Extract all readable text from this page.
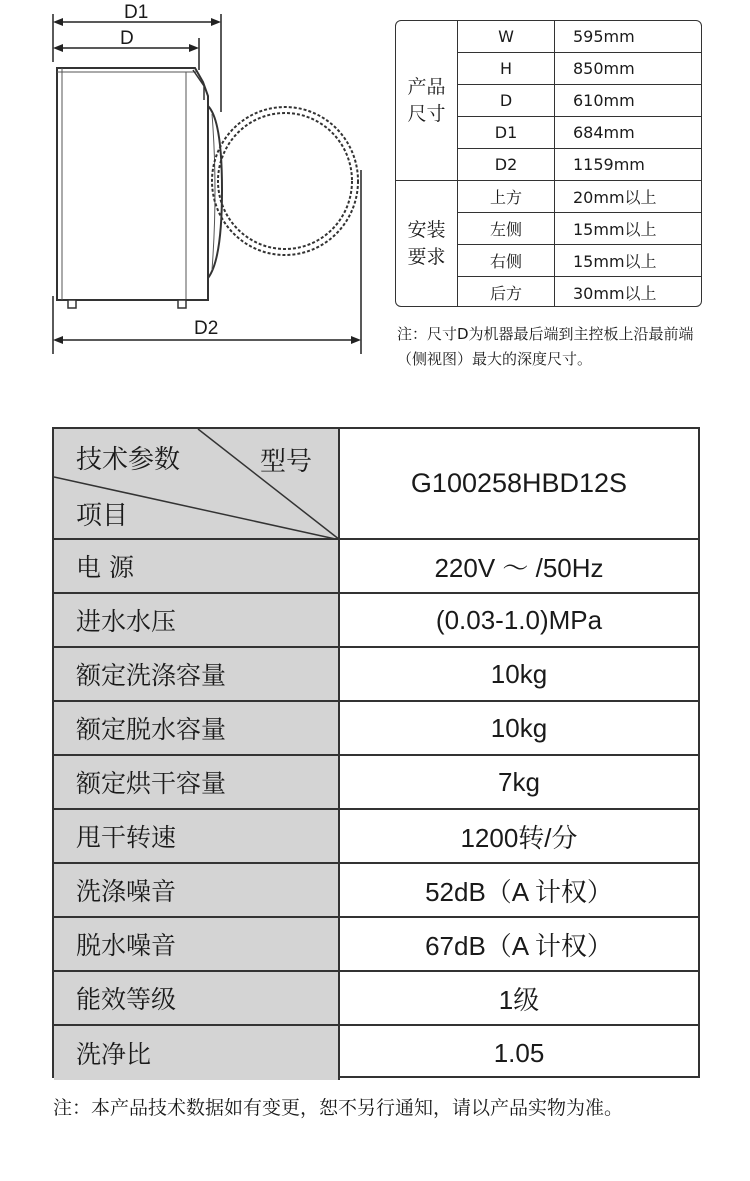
D1
D
D2
产品尺寸
安装要求
W	595mm
H	850mm
D	610mm
D1	684mm
D2	1159mm
上方	20mm以上
左侧	15mm以上
右侧	15mm以上
后方	30mm以上
注：尺寸D为机器最后端到主控板上沿最前端（侧视图）最大的深度尺寸。
技术参数	型号
项目
G100258HBD12S
电 源	220V ～ /50Hz
进水水压	(0.03-1.0)MPa
额定洗涤容量	10kg
额定脱水容量	10kg
额定烘干容量	7kg
甩干转速	1200转/分
洗涤噪音	52dB（A 计权）
脱水噪音	67dB（A 计权）
能效等级	1级
洗净比	1.05
注：本产品技术数据如有变更，恕不另行通知，请以产品实物为准。
